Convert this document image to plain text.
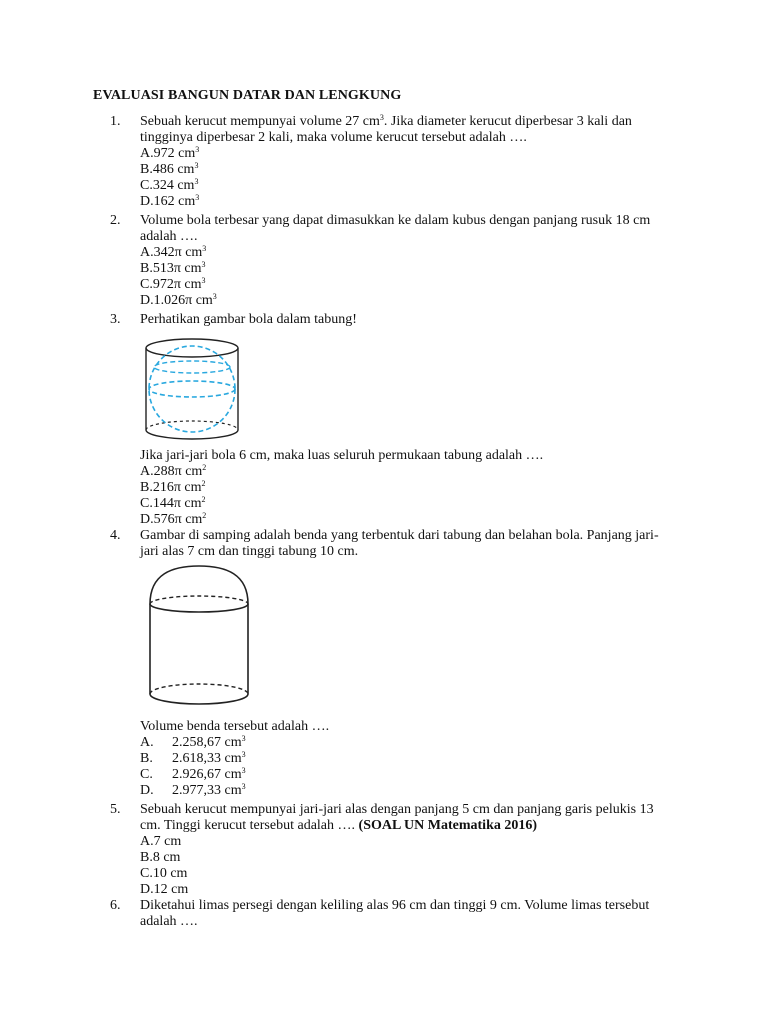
EVALUASI BANGUN DATAR DAN LENGKUNG
1. Sebuah kerucut mempunyai volume 27 $cm^3$. Jika diameter kerucut diperbesar 3 kali dan
tingginya diperbesar 2 kali, maka volume kerucut tersebut adalah ….
A.972 $cm^3$
B.486 $cm^3$
C.324 $cm^3$
D.162 $cm^3$
2. Volume bola terbesar yang dapat dimasukkan ke dalam kubus dengan panjang rusuk 18 cm
adalah ….
A.342π $cm^3$
B.513π $cm^3$
C.972π $cm^3$
D.1.026π $cm^3$
3. Perhatikan gambar bola dalam tabung!
Jika jari-jari bola 6 cm, maka luas seluruh permukaan tabung adalah ….
A.288π $cm^2$
B.216π $cm^2$
C.144π $cm^2$
D.576π $cm^2$
4. Gambar di samping adalah benda yang terbentuk dari tabung dan belahan bola. Panjang jari-
jari alas 7 cm dan tinggi tabung 10 cm.
Volume benda tersebut adalah ….
A. 2.258,67 $cm^3$
B. 2.618,33 $cm^3$
C. 2.926,67 $cm^3$
D. 2.977,33 $cm^3$
5. Sebuah kerucut mempunyai jari-jari alas dengan panjang 5 cm dan panjang garis pelukis 13
cm. Tinggi kerucut tersebut adalah …. (SOAL UN Matematika 2016)
A.7 cm
B.8 cm
C.10 cm
D.12 cm
6. Diketahui limas persegi dengan keliling alas 96 cm dan tinggi 9 cm. Volume limas tersebut
adalah ….
